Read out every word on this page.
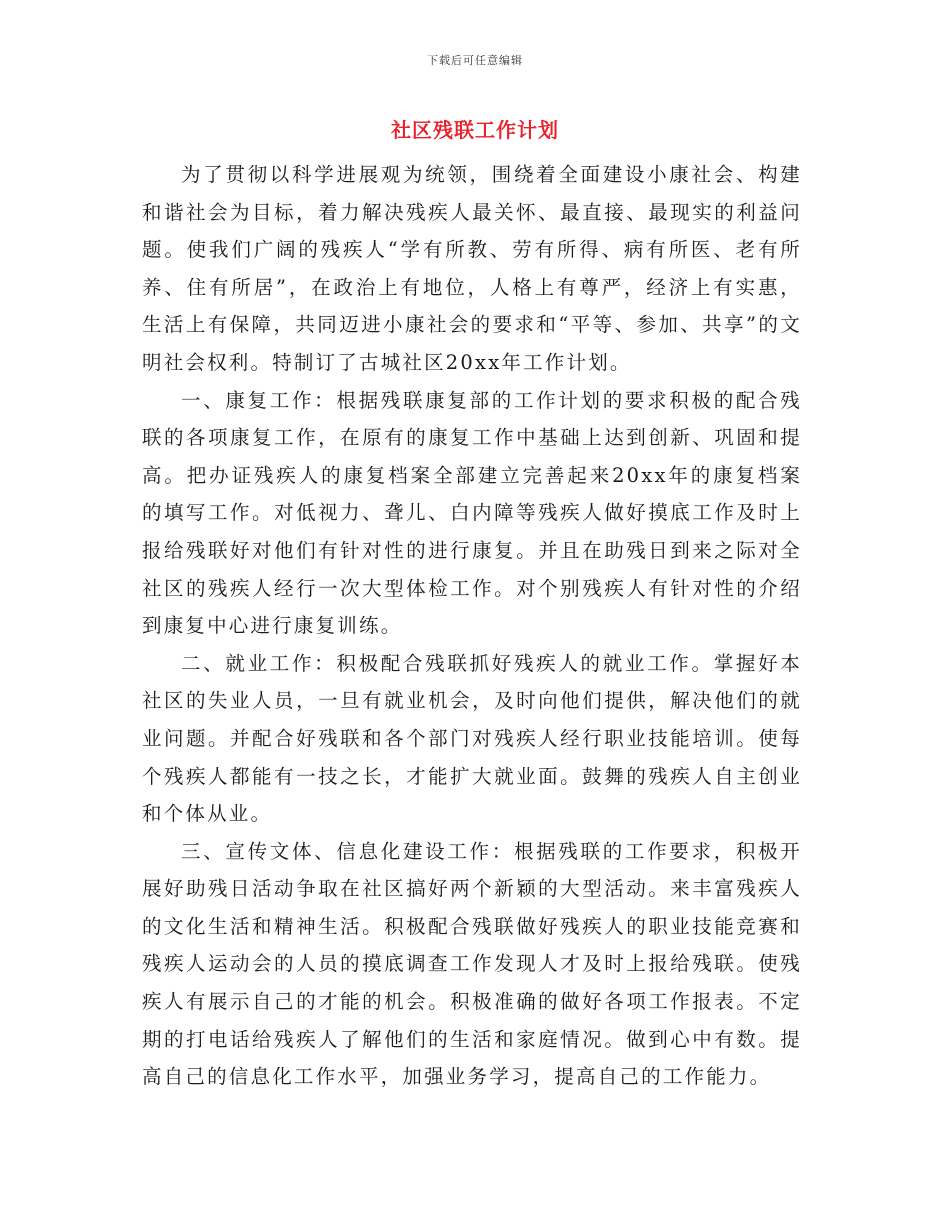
下载后可任意编辑
社区残联工作计划

为了贯彻以科学进展观为统领，围绕着全面建设小康社会、构建和谐社会为目标，着力解决残疾人最关怀、最直接、最现实的利益问题。使我们广阔的残疾人“学有所教、劳有所得、病有所医、老有所养、住有所居”，在政治上有地位，人格上有尊严，经济上有实惠，生活上有保障，共同迈进小康社会的要求和“平等、参加、共享”的文明社会权利。特制订了古城社区20xx年工作计划。

一、康复工作：根据残联康复部的工作计划的要求积极的配合残联的各项康复工作，在原有的康复工作中基础上达到创新、巩固和提高。把办证残疾人的康复档案全部建立完善起来20xx年的康复档案的填写工作。对低视力、聋儿、白内障等残疾人做好摸底工作及时上报给残联好对他们有针对性的进行康复。并且在助残日到来之际对全社区的残疾人经行一次大型体检工作。对个别残疾人有针对性的介绍到康复中心进行康复训练。

二、就业工作：积极配合残联抓好残疾人的就业工作。掌握好本社区的失业人员，一旦有就业机会，及时向他们提供，解决他们的就业问题。并配合好残联和各个部门对残疾人经行职业技能培训。使每个残疾人都能有一技之长，才能扩大就业面。鼓舞的残疾人自主创业和个体从业。

三、宣传文体、信息化建设工作：根据残联的工作要求，积极开展好助残日活动争取在社区搞好两个新颖的大型活动。来丰富残疾人的文化生活和精神生活。积极配合残联做好残疾人的职业技能竞赛和残疾人运动会的人员的摸底调查工作发现人才及时上报给残联。使残疾人有展示自己的才能的机会。积极准确的做好各项工作报表。不定期的打电话给残疾人了解他们的生活和家庭情况。做到心中有数。提高自己的信息化工作水平，加强业务学习，提高自己的工作能力。
